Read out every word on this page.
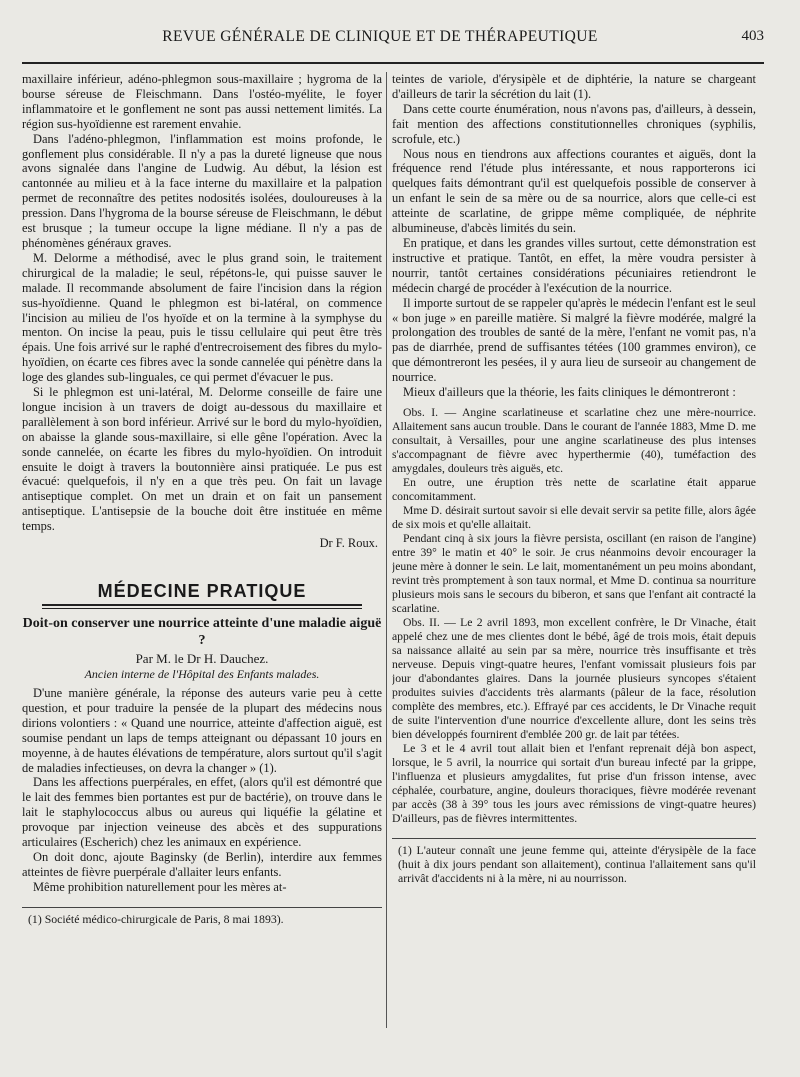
REVUE GÉNÉRALE DE CLINIQUE ET DE THÉRAPEUTIQUE	403

maxillaire inférieur, adéno-phlegmon sous-maxillaire ; hygroma de la bourse séreuse de Fleischmann. Dans l'ostéo-myélite, le foyer inflammatoire et le gonflement ne sont pas aussi nettement limités. La région sus-hyoïdienne est rarement envahie.

Dans l'adéno-phlegmon, l'inflammation est moins profonde, le gonflement plus considérable. Il n'y a pas la dureté ligneuse que nous avons signalée dans l'angine de Ludwig. Au début, la lésion est cantonnée au milieu et à la face interne du maxillaire et la palpation permet de reconnaître des petites nodosités isolées, douloureuses à la pression. Dans l'hygroma de la bourse séreuse de Fleischmann, le début est brusque ; la tumeur occupe la ligne médiane. Il n'y a pas de phénomènes généraux graves.

M. Delorme a méthodisé, avec le plus grand soin, le traitement chirurgical de la maladie; le seul, répétons-le, qui puisse sauver le malade. Il recommande absolument de faire l'incision dans la région sus-hyoïdienne. Quand le phlegmon est bi-latéral, on commence l'incision au milieu de l'os hyoïde et on la termine à la symphyse du menton. On incise la peau, puis le tissu cellulaire qui peut être très épais. Une fois arrivé sur le raphé d'entrecroisement des fibres du mylo-hyoïdien, on écarte ces fibres avec la sonde cannelée qui pénètre dans la loge des glandes sub-linguales, ce qui permet d'évacuer le pus.

Si le phlegmon est uni-latéral, M. Delorme conseille de faire une longue incision à un travers de doigt au-dessous du maxillaire et parallèlement à son bord inférieur. Arrivé sur le bord du mylo-hyoïdien, on abaisse la glande sous-maxillaire, si elle gêne l'opération. Avec la sonde cannelée, on écarte les fibres du mylo-hyoïdien. On introduit ensuite le doigt à travers la boutonnière ainsi pratiquée. Le pus est évacué: quelquefois, il n'y en a que très peu. On fait un lavage antiseptique complet. On met un drain et on fait un pansement antiseptique. L'antisepsie de la bouche doit être instituée en même temps.

Dr F. Roux.

MÉDECINE PRATIQUE
Doit-on conserver une nourrice atteinte d'une maladie aiguë ?
Par M. le Dr H. Dauchez.
Ancien interne de l'Hôpital des Enfants malades.

D'une manière générale, la réponse des auteurs varie peu à cette question, et pour traduire la pensée de la plupart des médecins nous dirions volontiers : « Quand une nourrice, atteinte d'affection aiguë, est soumise pendant un laps de temps atteignant ou dépassant 10 jours en moyenne, à de hautes élévations de température, alors surtout qu'il s'agit de maladies infectieuses, on devra la changer » (1).

Dans les affections puerpérales, en effet, (alors qu'il est démontré que le lait des femmes bien portantes est pur de bactérie), on trouve dans le lait le staphylococcus albus ou aureus qui liquéfie la gélatine et provoque par injection veineuse des abcès et des suppurations articulaires (Escherich) chez les animaux en expérience.

On doit donc, ajoute Baginsky (de Berlin), interdire aux femmes atteintes de fièvre puerpérale d'allaiter leurs enfants.

Même prohibition naturellement pour les mères at-

(1) Société médico-chirurgicale de Paris, 8 mai 1893).

teintes de variole, d'érysipèle et de diphtérie, la nature se chargeant d'ailleurs de tarir la sécrétion du lait (1).

Dans cette courte énumération, nous n'avons pas, d'ailleurs, à dessein, fait mention des affections constitutionnelles chroniques (syphilis, scrofule, etc.)

Nous nous en tiendrons aux affections courantes et aiguës, dont la fréquence rend l'étude plus intéressante, et nous rapporterons ici quelques faits démontrant qu'il est quelquefois possible de conserver à un enfant le sein de sa mère ou de sa nourrice, alors que celle-ci est atteinte de scarlatine, de grippe même compliquée, de néphrite albumineuse, d'abcès limités du sein.

En pratique, et dans les grandes villes surtout, cette démonstration est instructive et pratique. Tantôt, en effet, la mère voudra persister à nourrir, tantôt certaines considérations pécuniaires retiendront le médecin chargé de procéder à l'exécution de la nourrice.

Il importe surtout de se rappeler qu'après le médecin l'enfant est le seul « bon juge » en pareille matière. Si malgré la fièvre modérée, malgré la prolongation des troubles de santé de la mère, l'enfant ne vomit pas, n'a pas de diarrhée, prend de suffisantes tétées (100 grammes environ), ce que démontreront les pesées, il y aura lieu de surseoir au changement de nourrice.

Mieux d'ailleurs que la théorie, les faits cliniques le démontreront :

Obs. I. — Angine scarlatineuse et scarlatine chez une mère-nourrice. Allaitement sans aucun trouble. Dans le courant de l'année 1883, Mme D. me consultait, à Versailles, pour une angine scarlatineuse des plus intenses s'accompagnant de fièvre avec hyperthermie (40), tuméfaction des amygdales, douleurs très aiguës, etc.

En outre, une éruption très nette de scarlatine était apparue concomitamment.

Mme D. désirait surtout savoir si elle devait servir sa petite fille, alors âgée de six mois et qu'elle allaitait.

Pendant cinq à six jours la fièvre persista, oscillant (en raison de l'angine) entre 39° le matin et 40° le soir. Je crus néanmoins devoir encourager la jeune mère à donner le sein. Le lait, momentanément un peu moins abondant, revint très promptement à son taux normal, et Mme D. continua sa nourriture plusieurs mois sans le secours du biberon, et sans que l'enfant ait contracté la scarlatine.

Obs. II. — Le 2 avril 1893, mon excellent confrère, le Dr Vinache, était appelé chez une de mes clientes dont le bébé, âgé de trois mois, était depuis sa naissance allaité au sein par sa mère, nourrice très insuffisante et très nerveuse. Depuis vingt-quatre heures, l'enfant vomissait plusieurs fois par jour d'abondantes glaires. Dans la journée plusieurs syncopes s'étaient produites suivies d'accidents très alarmants (pâleur de la face, résolution complète des membres, etc.). Effrayé par ces accidents, le Dr Vinache requit de suite l'intervention d'une nourrice d'excellente allure, dont les seins très bien développés fournirent d'emblée 200 gr. de lait par tétées.

Le 3 et le 4 avril tout allait bien et l'enfant reprenait déjà bon aspect, lorsque, le 5 avril, la nourrice qui sortait d'un bureau infecté par la grippe, l'influenza et plusieurs amygdalites, fut prise d'un frisson intense, avec céphalée, courbature, angine, douleurs thoraciques, fièvre modérée revenant par accès (38 à 39° tous les jours avec rémissions de vingt-quatre heures) D'ailleurs, pas de fièvres intermittentes.

(1) L'auteur connaît une jeune femme qui, atteinte d'érysipèle de la face (huit à dix jours pendant son allaitement), continua l'allaitement sans qu'il arrivât d'accidents ni à la mère, ni au nourrisson.
